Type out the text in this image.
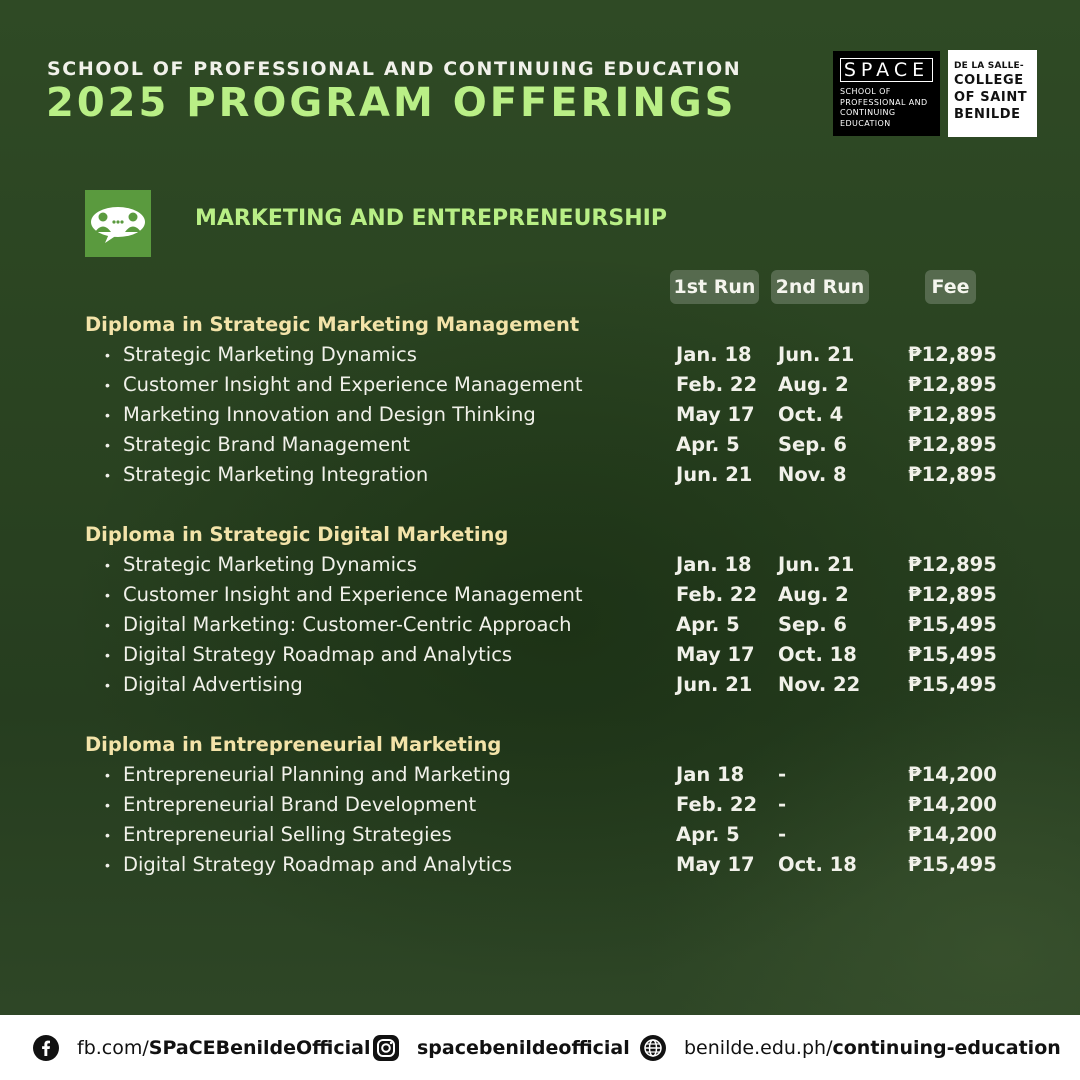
SCHOOL OF PROFESSIONAL AND CONTINUING EDUCATION
2025 PROGRAM OFFERINGS
SPACE
SCHOOL OF
PROFESSIONAL AND
CONTINUING
EDUCATION
DE LA SALLE-
COLLEGE
OF SAINT
BENILDE
MARKETING AND ENTREPRENEURSHIP
1st Run 2nd Run	Fee
Diploma in Strategic Marketing Management
• Strategic Marketing Dynamics	Jan. 18 Jun. 21	₱12,895
• Customer Insight and Experience Management	Feb. 22 Aug. 2	₱12,895
• Marketing Innovation and Design Thinking	May 17 Oct. 4	₱12,895
• Strategic Brand Management	Apr. 5 Sep. 6	₱12,895
• Strategic Marketing Integration	Jun. 21 Nov. 8	₱12,895
Diploma in Strategic Digital Marketing
• Strategic Marketing Dynamics	Jan. 18 Jun. 21	₱12,895
• Customer Insight and Experience Management	Feb. 22 Aug. 2	₱12,895
• Digital Marketing: Customer-Centric Approach	Apr. 5 Sep. 6	₱15,495
• Digital Strategy Roadmap and Analytics	May 17 Oct. 18	₱15,495
• Digital Advertising	Jun. 21 Nov. 22 ₱15,495
Diploma in Entrepreneurial Marketing
• Entrepreneurial Planning and Marketing	Jan 18 -	₱14,200
• Entrepreneurial Brand Development	Feb. 22 -	₱14,200
• Entrepreneurial Selling Strategies	Apr. 5 -	₱14,200
• Digital Strategy Roadmap and Analytics	May 17 Oct. 18	₱15,495
fb.com/ SPaCEBenildeOfficial spacebenildeofficial	benilde.edu.ph/ continuing-education
